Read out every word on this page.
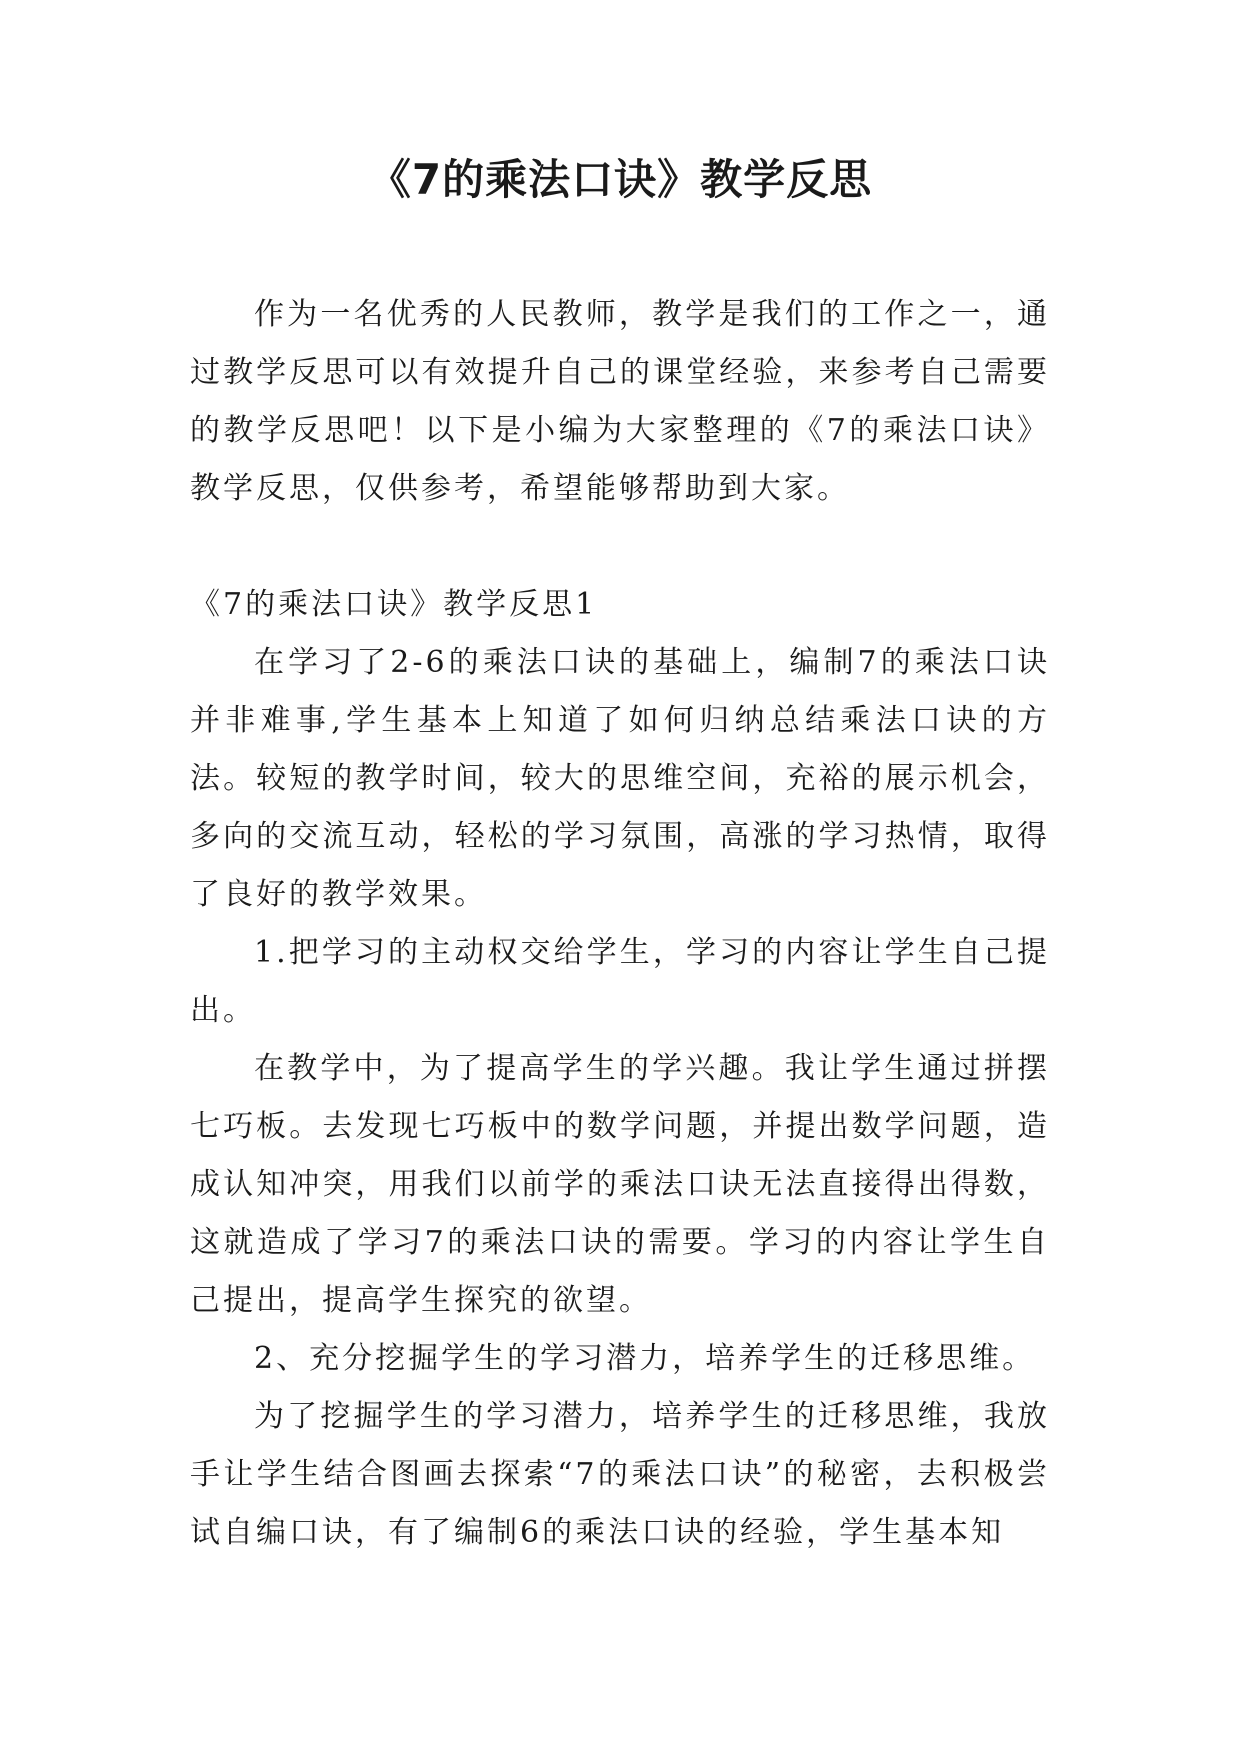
《7的乘法口诀》教学反思

作为一名优秀的人民教师，教学是我们的工作之一，通过教学反思可以有效提升自己的课堂经验，来参考自己需要的教学反思吧！以下是小编为大家整理的《7的乘法口诀》教学反思，仅供参考，希望能够帮助到大家。

《7的乘法口诀》教学反思1

在学习了2-6的乘法口诀的基础上，编制7的乘法口诀并非难事,学生基本上知道了如何归纳总结乘法口诀的方法。较短的教学时间，较大的思维空间，充裕的展示机会，多向的交流互动，轻松的学习氛围，高涨的学习热情，取得了良好的教学效果。

1.把学习的主动权交给学生，学习的内容让学生自己提出。

在教学中，为了提高学生的学兴趣。我让学生通过拼摆七巧板。去发现七巧板中的数学问题，并提出数学问题，造成认知冲突，用我们以前学的乘法口诀无法直接得出得数，这就造成了学习7的乘法口诀的需要。学习的内容让学生自己提出，提高学生探究的欲望。

2、充分挖掘学生的学习潜力，培养学生的迁移思维。

为了挖掘学生的学习潜力，培养学生的迁移思维，我放手让学生结合图画去探索“7的乘法口诀”的秘密，去积极尝试自编口诀，有了编制6的乘法口诀的经验，学生基本知
